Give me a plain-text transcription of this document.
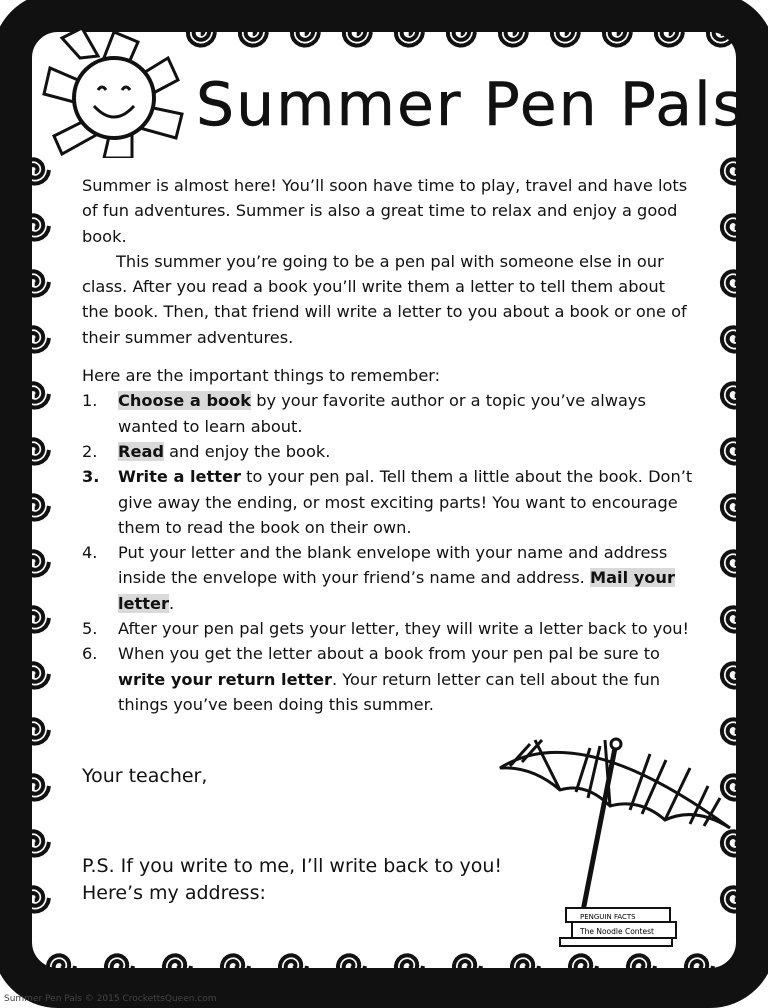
Summer Pen Pals

Summer is almost here! You’ll soon have time to play, travel and have lots of fun adventures. Summer is also a great time to relax and enjoy a good book.

This summer you’re going to be a pen pal with someone else in our class. After you read a book you’ll write them a letter to tell them about the book. Then, that friend will write a letter to you about a book or one of their summer adventures.

Here are the important things to remember:

1. Choose a book by your favorite author or a topic you’ve always wanted to learn about.
2. Read and enjoy the book.
3. Write a letter to your pen pal. Tell them a little about the book. Don’t give away the ending, or most exciting parts! You want to encourage them to read the book on their own.
4. Put your letter and the blank envelope with your name and address inside the envelope with your friend’s name and address. Mail your letter.
5. After your pen pal gets your letter, they will write a letter back to you!
6. When you get the letter about a book from your pen pal be sure to write your return letter. Your return letter can tell about the fun things you’ve been doing this summer.
Your teacher,
P.S. If you write to me, I’ll write back to you!
Here’s my address:
PENGUIN FACTS
The Noodle Contest
Summer Pen Pals © 2015 CrockettsQueen.com
